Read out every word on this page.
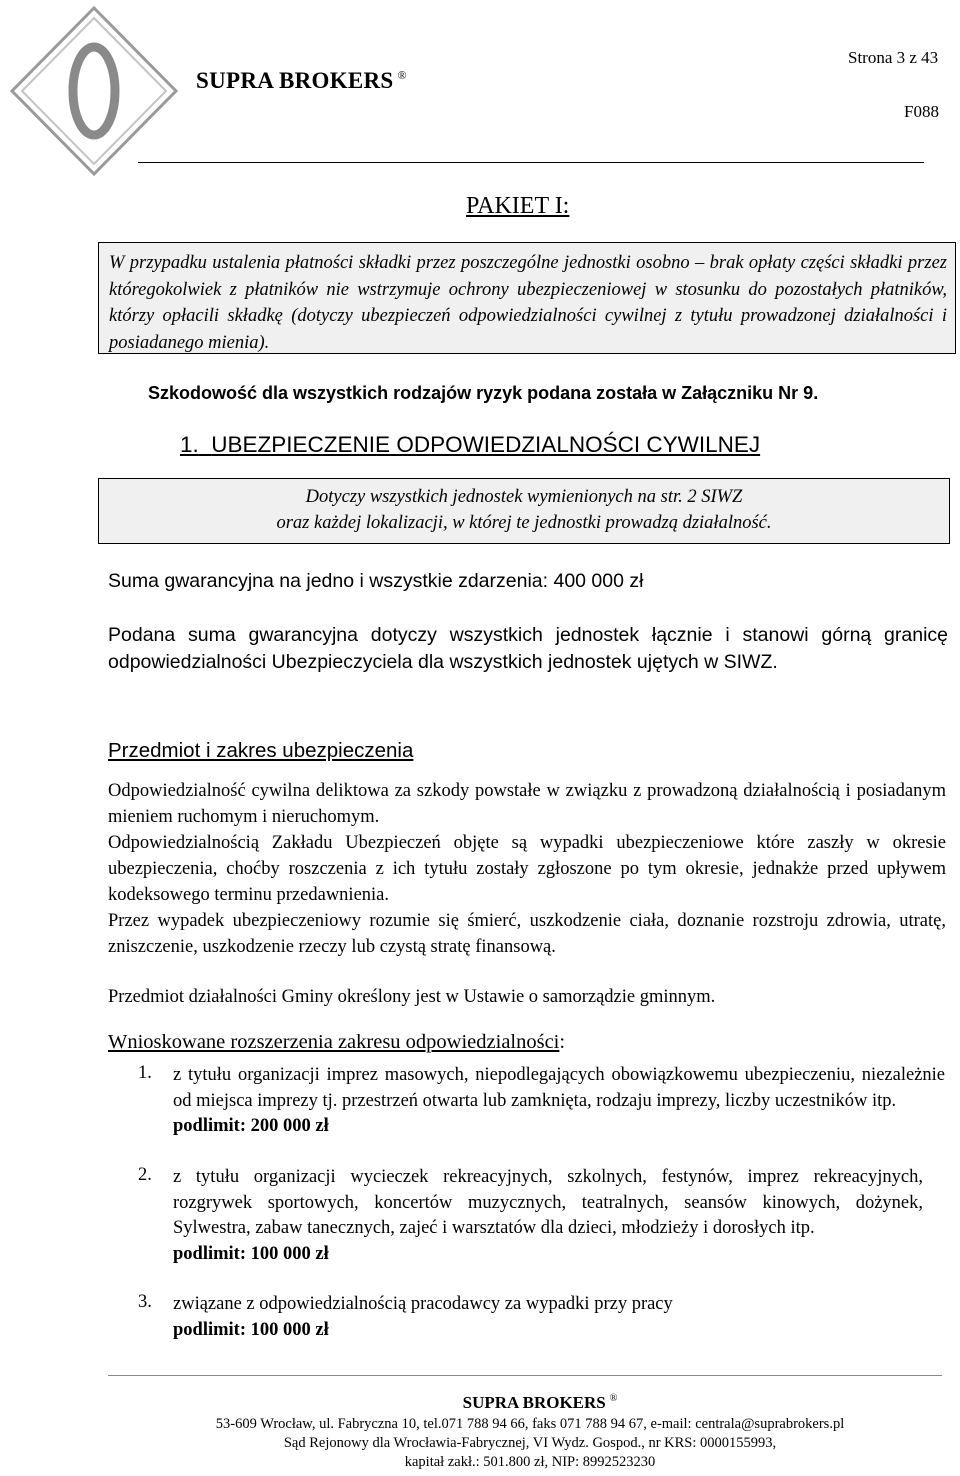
SUPRA BROKERS ®
Strona 3 z 43
F088
PAKIET I:
W przypadku ustalenia płatności składki przez poszczególne jednostki osobno – brak opłaty części składki przez któregokolwiek z płatników nie wstrzymuje ochrony ubezpieczeniowej w stosunku do pozostałych płatników, którzy opłacili składkę (dotyczy ubezpieczeń odpowiedzialności cywilnej z tytułu prowadzonej działalności i posiadanego mienia).
Szkodowość dla wszystkich rodzajów ryzyk podana została w Załączniku Nr 9.
1. UBEZPIECZENIE ODPOWIEDZIALNOŚCI CYWILNEJ
Dotyczy wszystkich jednostek wymienionych na str. 2 SIWZ
oraz każdej lokalizacji, w której te jednostki prowadzą działalność.
Suma gwarancyjna na jedno i wszystkie zdarzenia: 400 000 zł
Podana suma gwarancyjna dotyczy wszystkich jednostek łącznie i stanowi górną granicę odpowiedzialności Ubezpieczyciela dla wszystkich jednostek ujętych w SIWZ.
Przedmiot i zakres ubezpieczenia
Odpowiedzialność cywilna deliktowa za szkody powstałe w związku z prowadzoną działalnością i posiadanym mieniem ruchomym i nieruchomym.
Odpowiedzialnością Zakładu Ubezpieczeń objęte są wypadki ubezpieczeniowe które zaszły w okresie ubezpieczenia, choćby roszczenia z ich tytułu zostały zgłoszone po tym okresie, jednakże przed upływem kodeksowego terminu przedawnienia.
Przez wypadek ubezpieczeniowy rozumie się śmierć, uszkodzenie ciała, doznanie rozstroju zdrowia, utratę, zniszczenie, uszkodzenie rzeczy lub czystą stratę finansową.
Przedmiot działalności Gminy określony jest w Ustawie o samorządzie gminnym.
Wnioskowane rozszerzenia zakresu odpowiedzialności:
1. z tytułu organizacji imprez masowych, niepodlegających obowiązkowemu ubezpieczeniu, niezależnie od miejsca imprezy tj. przestrzeń otwarta lub zamknięta, rodzaju imprezy, liczby uczestników itp.
podlimit: 200 000 zł
2. z tytułu organizacji wycieczek rekreacyjnych, szkolnych, festynów, imprez rekreacyjnych, rozgrywek sportowych, koncertów muzycznych, teatralnych, seansów kinowych, dożynek, Sylwestra, zabaw tanecznych, zajeć i warsztatów dla dzieci, młodzieży i dorosłych itp.
podlimit: 100 000 zł
3. związane z odpowiedzialnością pracodawcy za wypadki przy pracy
podlimit: 100 000 zł
SUPRA BROKERS ®
53-609 Wrocław, ul. Fabryczna 10, tel.071 788 94 66, faks 071 788 94 67, e-mail: centrala@suprabrokers.pl
Sąd Rejonowy dla Wrocławia-Fabrycznej, VI Wydz. Gospod., nr KRS: 0000155993,
kapitał zakł.: 501.800 zł, NIP: 8992523230
